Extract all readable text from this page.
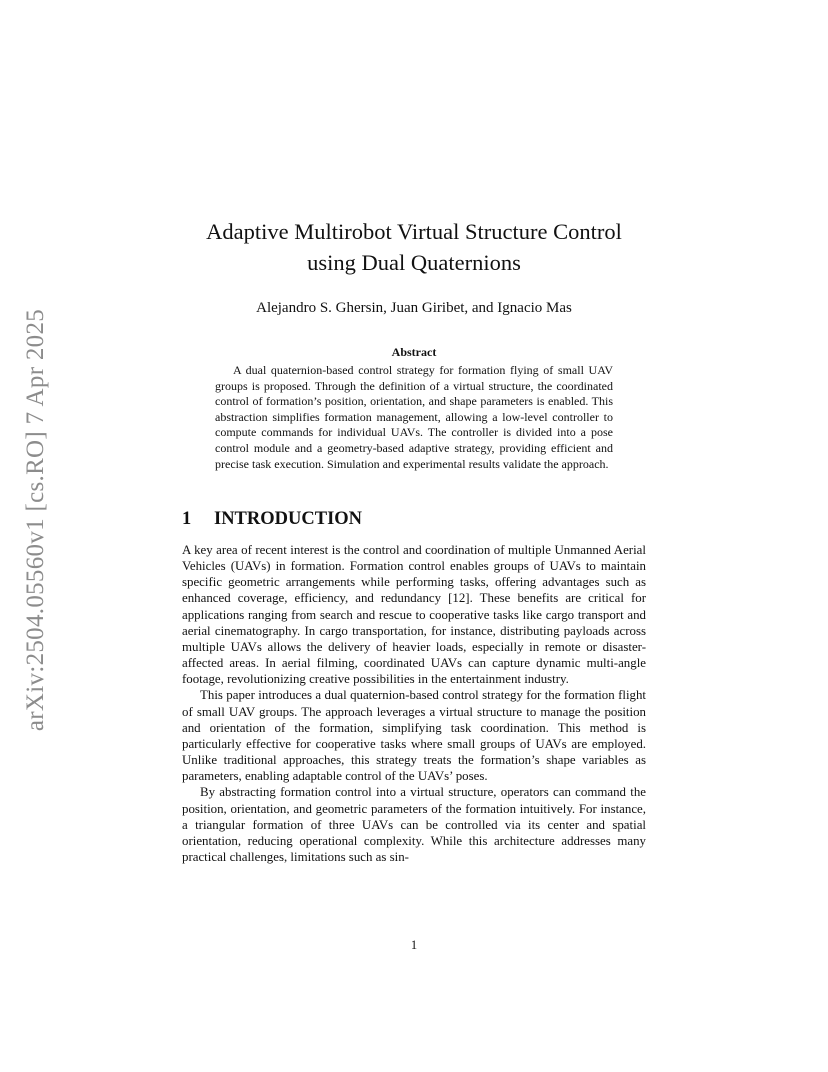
arXiv:2504.05560v1 [cs.RO] 7 Apr 2025
Adaptive Multirobot Virtual Structure Control
using Dual Quaternions
Alejandro S. Ghersin, Juan Giribet, and Ignacio Mas
Abstract

A dual quaternion-based control strategy for formation flying of small UAV groups is proposed. Through the definition of a virtual structure, the coordinated control of formation’s position, orientation, and shape parameters is enabled. This abstraction simplifies formation management, allowing a low-level controller to compute commands for individual UAVs. The controller is divided into a pose control module and a geometry-based adaptive strategy, providing efficient and precise task execution. Simulation and experimental results validate the approach.

1 INTRODUCTION

A key area of recent interest is the control and coordination of multiple Unmanned Aerial Vehicles (UAVs) in formation. Formation control enables groups of UAVs to maintain specific geometric arrangements while performing tasks, offering advantages such as enhanced coverage, efficiency, and redundancy [12]. These benefits are critical for applications ranging from search and rescue to cooperative tasks like cargo transport and aerial cinematography. In cargo transportation, for instance, distributing payloads across multiple UAVs allows the delivery of heavier loads, especially in remote or disaster-affected areas. In aerial filming, coordinated UAVs can capture dynamic multi-angle footage, revolutionizing creative possibilities in the entertainment industry.

This paper introduces a dual quaternion-based control strategy for the formation flight of small UAV groups. The approach leverages a virtual structure to manage the position and orientation of the formation, simplifying task coordination. This method is particularly effective for cooperative tasks where small groups of UAVs are employed. Unlike traditional approaches, this strategy treats the formation’s shape variables as parameters, enabling adaptable control of the UAVs’ poses.

By abstracting formation control into a virtual structure, operators can command the position, orientation, and geometric parameters of the formation intuitively. For instance, a triangular formation of three UAVs can be controlled via its center and spatial orientation, reducing operational complexity. While this architecture addresses many practical challenges, limitations such as sin-

1
